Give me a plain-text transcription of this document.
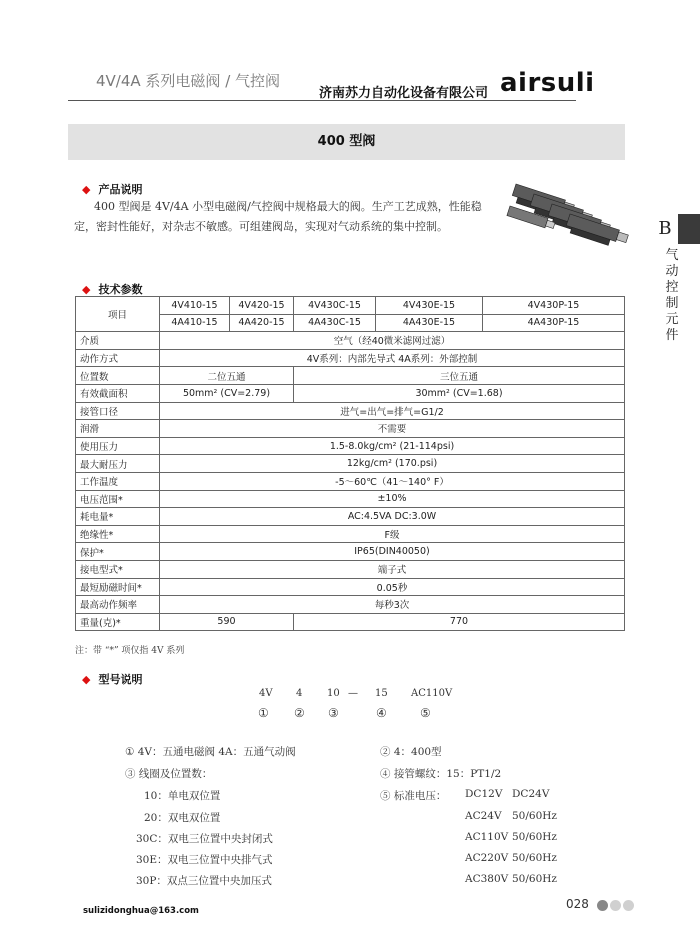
4V/4A 系列电磁阀 / 气控阀
济南苏力自动化设备有限公司 airsuli
400 型阀
B
气动控制元件
◆ 产品说明
400 型阀是 4V/4A 小型电磁阀/气控阀中规格最大的阀。生产工艺成熟，性能稳定，密封性能好，对杂志不敏感。可组建阀岛，实现对气动系统的集中控制。
◆ 技术参数
项目	4V410-15	4V420-15	4V430C-15	4V430E-15	4V430P-15
	4A410-15	4A420-15	4A430C-15	4A430E-15	4A430P-15
介质	空气（经40微米滤网过滤）				
动作方式	4V系列：内部先导式 4A系列：外部控制				
位置数	二位五通		三位五通		
有效截面积	50mm² (CV=2.79)		30mm² (CV=1.68)		
接管口径	进气=出气=排气=G1/2				
润滑	不需要				
使用压力	1.5-8.0kg/cm² (21-114psi)				
最大耐压力	12kg/cm² (170.psi)				
工作温度	-5～60℃（41～140° F）				
电压范围*	±10%				
耗电量*	AC:4.5VA DC:3.0W				
绝缘性*	F级				
保护*	IP65(DIN40050)				
接电型式*	端子式				
最短励磁时间*	0.05秒				
最高动作频率	每秒3次				
重量(克)*	590		770		
注：带 “*” 项仅指 4V 系列
◆ 型号说明
4V 4 10 — 15 AC110V
① ② ③	④	⑤
① 4V：五通电磁阀 4A：五通气动阀
③ 线圈及位置数：
10：单电双位置
20：双电双位置
30C：双电三位置中央封闭式
30E：双电三位置中央排气式
30P：双点三位置中央加压式
② 4：400型
④ 接管螺纹：15：PT1/2
⑤ 标准电压： DC12V DC24V
AC24V 50/60Hz
AC110V 50/60Hz
AC220V 50/60Hz
AC380V 50/60Hz
sulizidonghua@163.com	028
